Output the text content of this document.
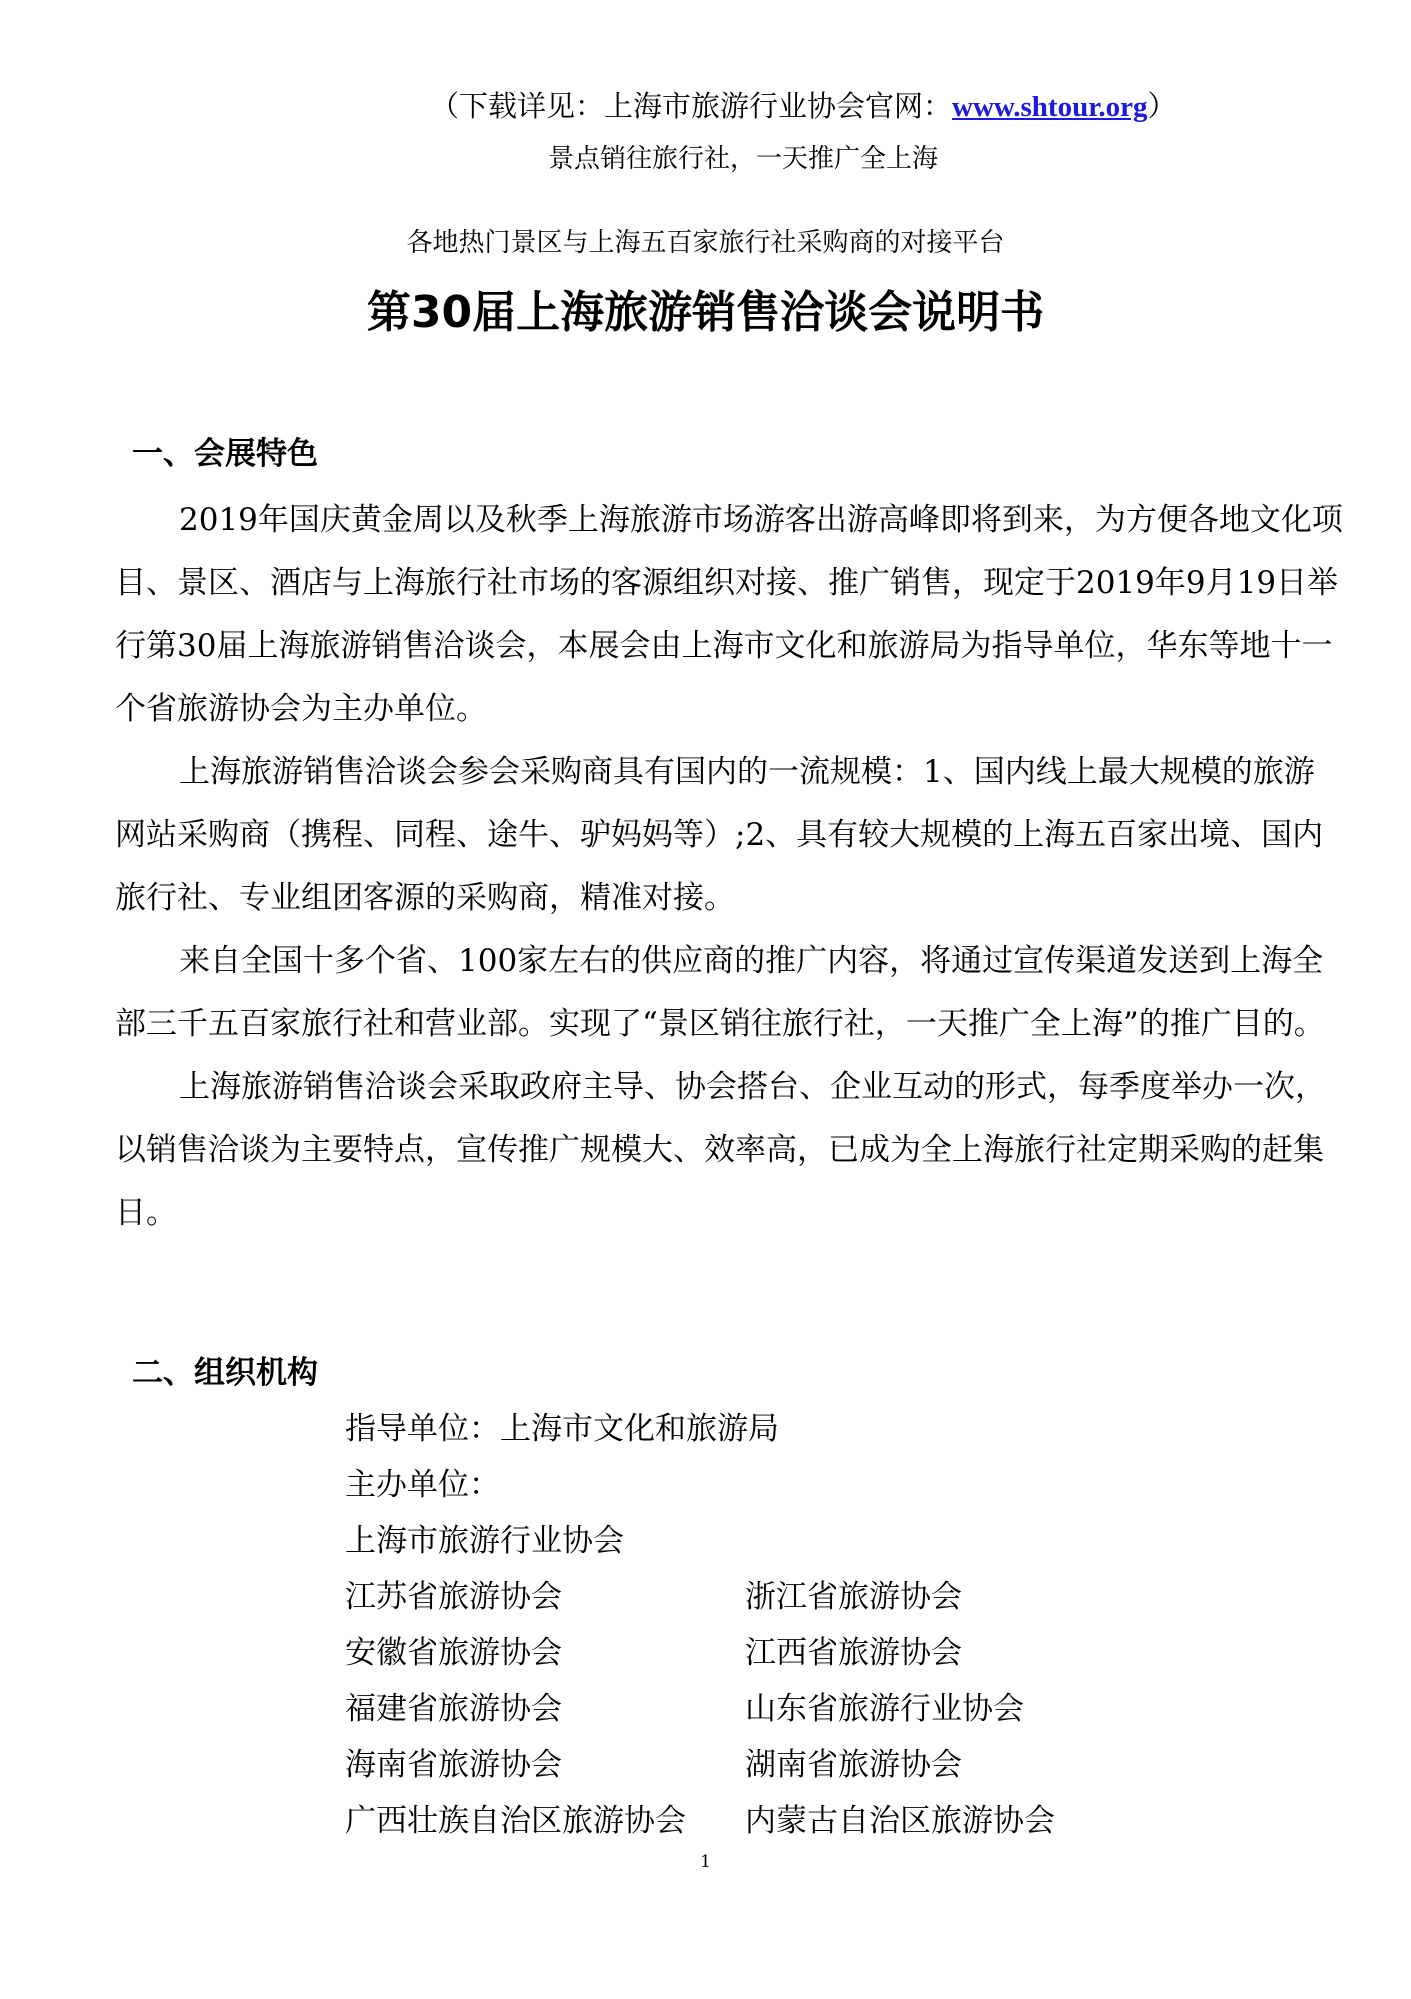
（下载详见：上海市旅游行业协会官网：www.shtour.org）
景点销往旅行社，一天推广全上海
各地热门景区与上海五百家旅行社采购商的对接平台
第30届上海旅游销售洽谈会说明书
一、会展特色

2019年国庆黄金周以及秋季上海旅游市场游客出游高峰即将到来，为方便各地文化项目、景区、酒店与上海旅行社市场的客源组织对接、推广销售，现定于2019年9月19日举行第30届上海旅游销售洽谈会，本展会由上海市文化和旅游局为指导单位，华东等地十一个省旅游协会为主办单位。

上海旅游销售洽谈会参会采购商具有国内的一流规模：1、国内线上最大规模的旅游网站采购商（携程、同程、途牛、驴妈妈等）;2、具有较大规模的上海五百家出境、国内旅行社、专业组团客源的采购商，精准对接。

来自全国十多个省、100家左右的供应商的推广内容，将通过宣传渠道发送到上海全部三千五百家旅行社和营业部。实现了“景区销往旅行社，一天推广全上海”的推广目的。

上海旅游销售洽谈会采取政府主导、协会搭台、企业互动的形式，每季度举办一次，以销售洽谈为主要特点，宣传推广规模大、效率高，已成为全上海旅行社定期采购的赶集日。

二、组织机构
指导单位：上海市文化和旅游局
主办单位：
上海市旅游行业协会
江苏省旅游协会
安徽省旅游协会
福建省旅游协会
海南省旅游协会
广西壮族自治区旅游协会
浙江省旅游协会
江西省旅游协会
山东省旅游行业协会
湖南省旅游协会
内蒙古自治区旅游协会
1
